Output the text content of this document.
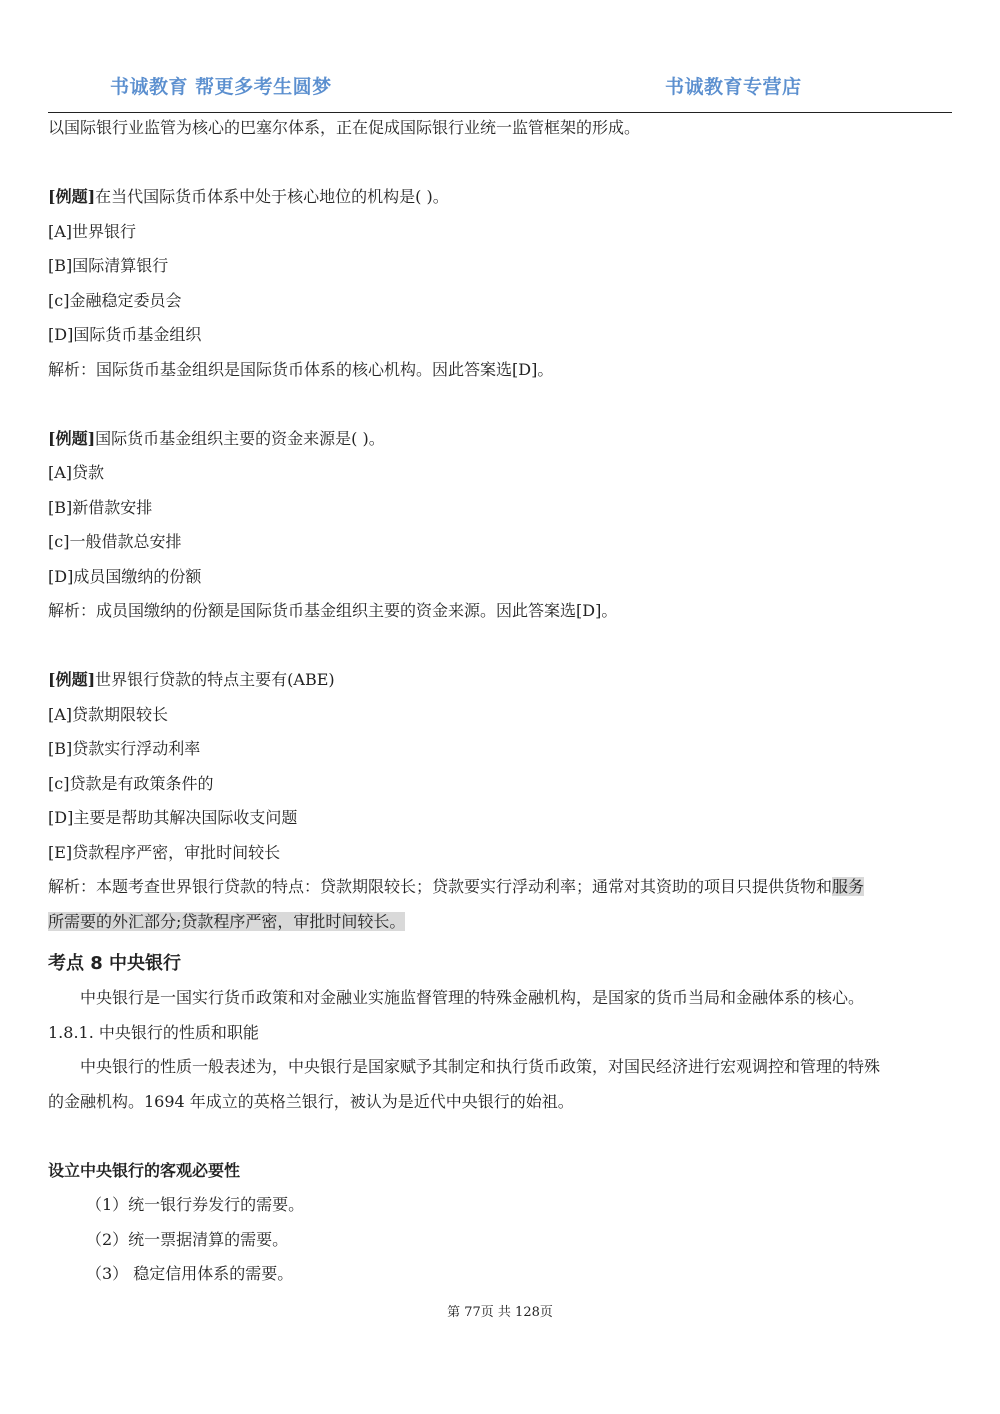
书诚教育 帮更多考生圆梦	书诚教育专营店
以国际银行业监管为核心的巴塞尔体系，正在促成国际银行业统一监管框架的形成。
[例题]在当代国际货币体系中处于核心地位的机构是( )。
[A]世界银行
[B]国际清算银行
[c]金融稳定委员会
[D]国际货币基金组织
解析：国际货币基金组织是国际货币体系的核心机构。因此答案选[D]。
[例题]国际货币基金组织主要的资金来源是( )。
[A]贷款
[B]新借款安排
[c]一般借款总安排
[D]成员国缴纳的份额
解析：成员国缴纳的份额是国际货币基金组织主要的资金来源。因此答案选[D]。
[例题]世界银行贷款的特点主要有(ABE)
[A]贷款期限较长
[B]贷款实行浮动利率
[c]贷款是有政策条件的
[D]主要是帮助其解决国际收支问题
[E]贷款程序严密，审批时间较长
解析：本题考查世界银行贷款的特点：贷款期限较长；贷款要实行浮动利率；通常对其资助的项目只提供货物和服务
所需要的外汇部分;贷款程序严密，审批时间较长。
考点 8 中央银行
中央银行是一国实行货币政策和对金融业实施监督管理的特殊金融机构，是国家的货币当局和金融体系的核心。
1.8.1. 中央银行的性质和职能
中央银行的性质一般表述为，中央银行是国家赋予其制定和执行货币政策，对国民经济进行宏观调控和管理的特殊
的金融机构。1694 年成立的英格兰银行，被认为是近代中央银行的始祖。
设立中央银行的客观必要性
（1）统一银行券发行的需要。
（2）统一票据清算的需要。
（3） 稳定信用体系的需要。
第 77页 共 128页
